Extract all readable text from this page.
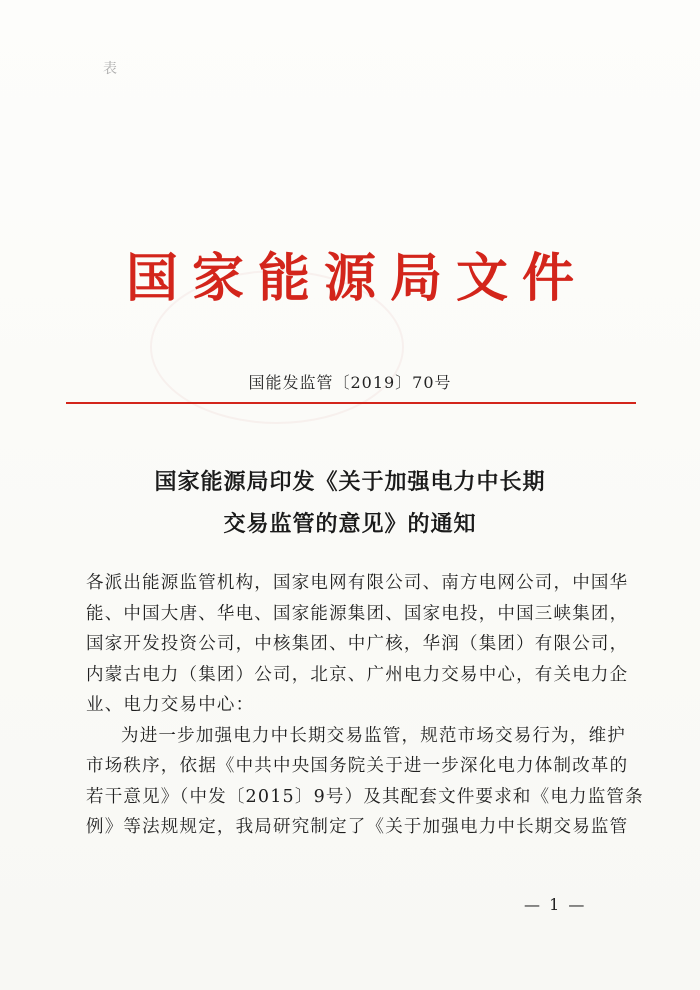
表
国家能源局文件
国能发监管〔2019〕70号
国家能源局印发《关于加强电力中长期
交易监管的意见》的通知
各派出能源监管机构，国家电网有限公司、南方电网公司，中国华
能、中国大唐、华电、国家能源集团、国家电投，中国三峡集团，
国家开发投资公司，中核集团、中广核，华润（集团）有限公司，
内蒙古电力（集团）公司，北京、广州电力交易中心，有关电力企
业、电力交易中心：
为进一步加强电力中长期交易监管，规范市场交易行为，维护
市场秩序，依据《中共中央国务院关于进一步深化电力体制改革的
若干意见》（中发〔2015〕9号）及其配套文件要求和《电力监管条
例》等法规规定，我局研究制定了《关于加强电力中长期交易监管
— 1 —
